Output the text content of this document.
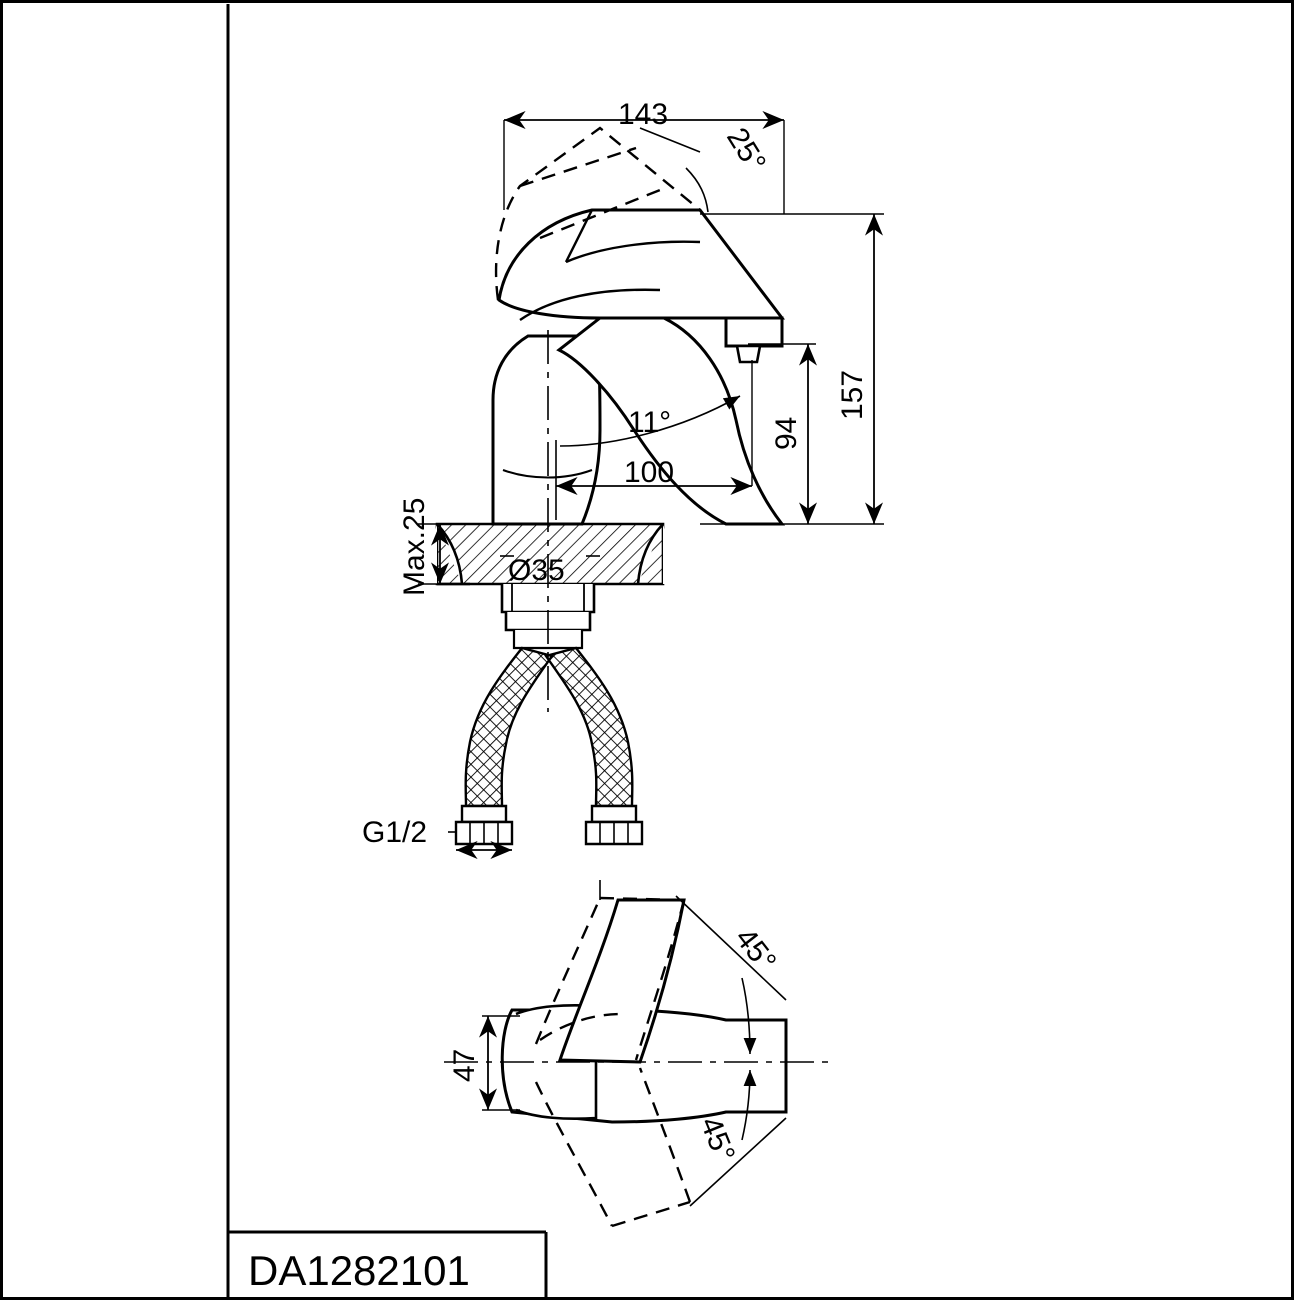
143
25°
157
94
100
11°
Max.25	Ø35
G1/2
47
45°
45°
DA1282101
